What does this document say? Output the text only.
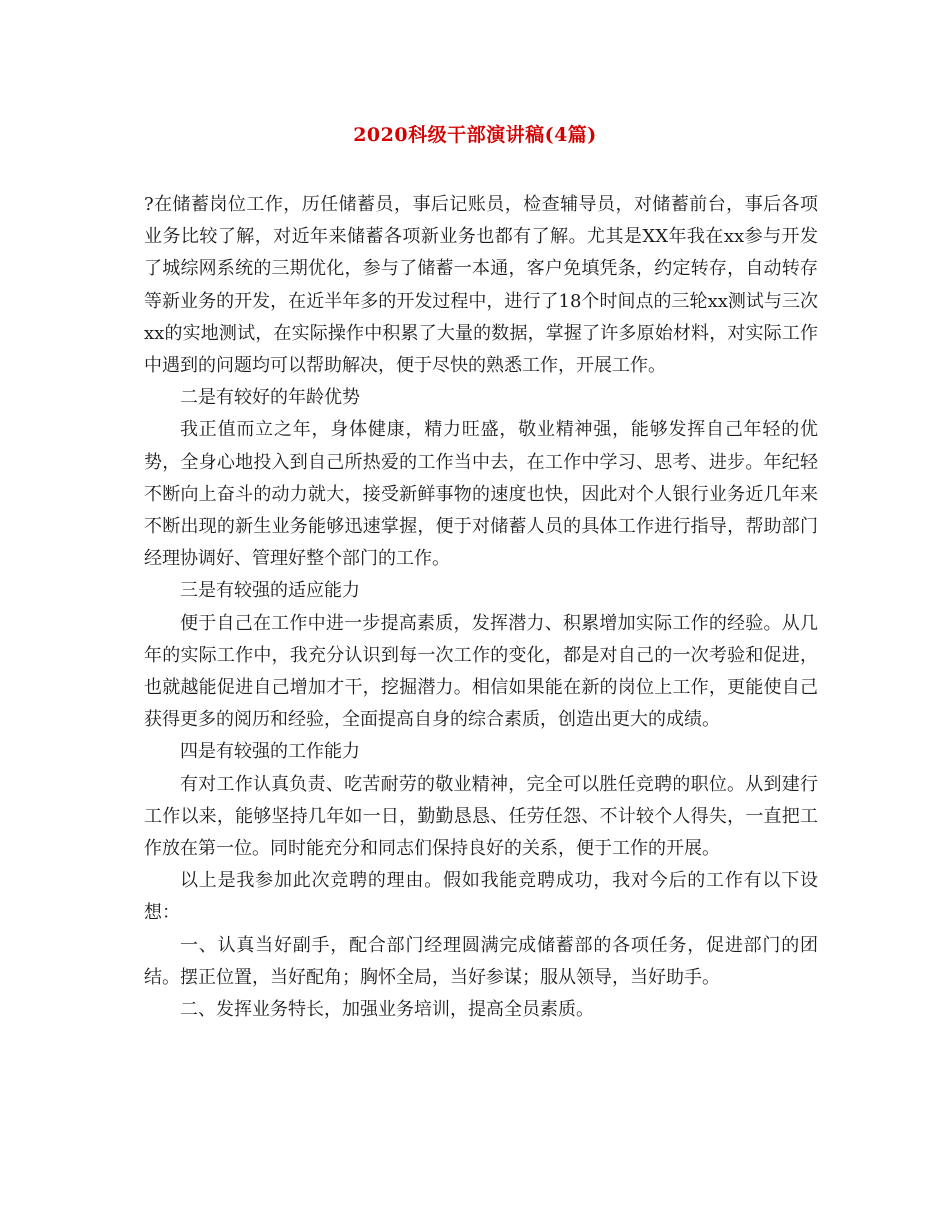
2020科级干部演讲稿(4篇)

?在储蓄岗位工作，历任储蓄员，事后记账员，检查辅导员，对储蓄前台，事后各项业务比较了解，对近年来储蓄各项新业务也都有了解。尤其是XX年我在xx参与开发了城综网系统的三期优化，参与了储蓄一本通，客户免填凭条，约定转存，自动转存等新业务的开发，在近半年多的开发过程中，进行了18个时间点的三轮xx测试与三次xx的实地测试，在实际操作中积累了大量的数据，掌握了许多原始材料，对实际工作中遇到的问题均可以帮助解决，便于尽快的熟悉工作，开展工作。

二是有较好的年龄优势

我正值而立之年，身体健康，精力旺盛，敬业精神强，能够发挥自己年轻的优势，全身心地投入到自己所热爱的工作当中去，在工作中学习、思考、进步。年纪轻不断向上奋斗的动力就大，接受新鲜事物的速度也快，因此对个人银行业务近几年来不断出现的新生业务能够迅速掌握，便于对储蓄人员的具体工作进行指导，帮助部门经理协调好、管理好整个部门的工作。

三是有较强的适应能力

便于自己在工作中进一步提高素质，发挥潜力、积累增加实际工作的经验。从几年的实际工作中，我充分认识到每一次工作的变化，都是对自己的一次考验和促进，也就越能促进自己增加才干，挖掘潜力。相信如果能在新的岗位上工作，更能使自己获得更多的阅历和经验，全面提高自身的综合素质，创造出更大的成绩。

四是有较强的工作能力

有对工作认真负责、吃苦耐劳的敬业精神，完全可以胜任竞聘的职位。从到建行工作以来，能够坚持几年如一日，勤勤恳恳、任劳任怨、不计较个人得失，一直把工作放在第一位。同时能充分和同志们保持良好的关系，便于工作的开展。

以上是我参加此次竞聘的理由。假如我能竞聘成功，我对今后的工作有以下设想：

一、认真当好副手，配合部门经理圆满完成储蓄部的各项任务，促进部门的团结。摆正位置，当好配角；胸怀全局，当好参谋；服从领导，当好助手。

二、发挥业务特长，加强业务培训，提高全员素质。
